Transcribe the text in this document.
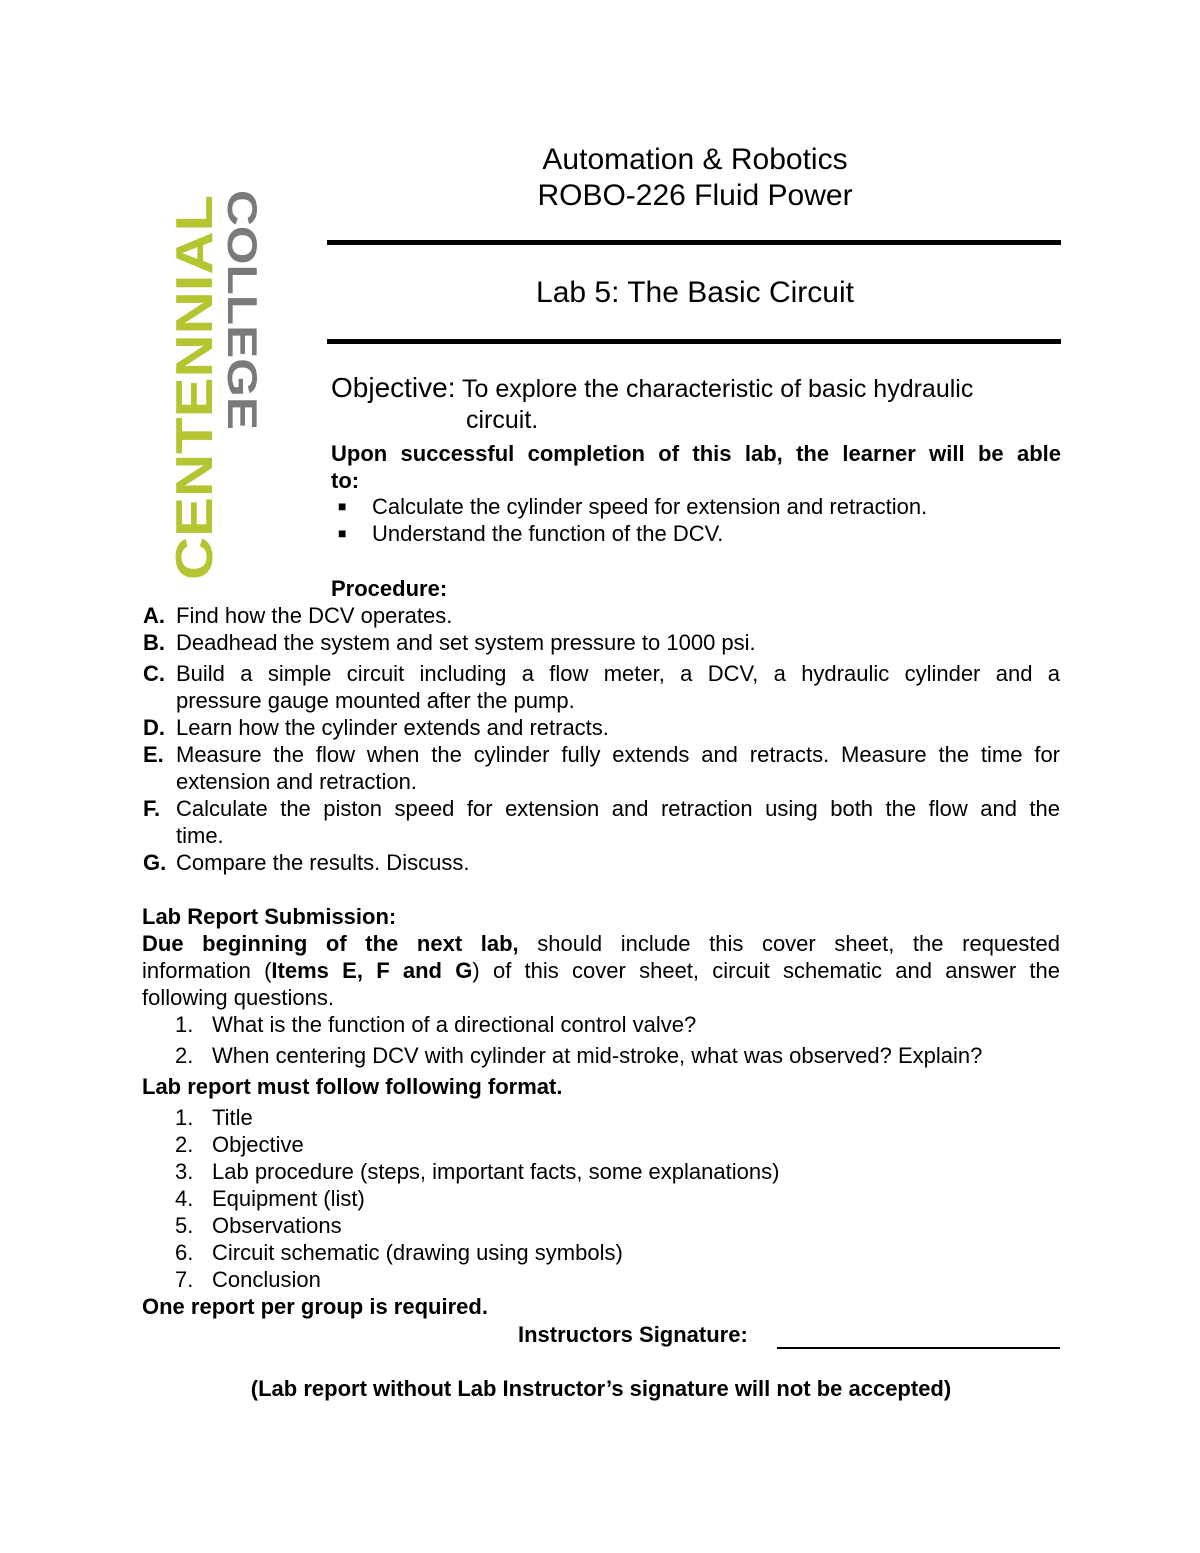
CENTENNIAL
COLLEGE
Automation & Robotics
ROBO-226 Fluid Power
Lab 5: The Basic Circuit
Objective: To explore the characteristic of basic hydraulic
circuit.
Upon successful completion of this lab, the learner will be able
to:
■ Calculate the cylinder speed for extension and retraction.
■ Understand the function of the DCV.
Procedure:
A. Find how the DCV operates.
B. Deadhead the system and set system pressure to 1000 psi.
C. Build a simple circuit including a flow meter, a DCV, a hydraulic cylinder and a
pressure gauge mounted after the pump.
D. Learn how the cylinder extends and retracts.
E. Measure the flow when the cylinder fully extends and retracts. Measure the time for
extension and retraction.
F. Calculate the piston speed for extension and retraction using both the flow and the
time.
G. Compare the results. Discuss.
Lab Report Submission:
Due beginning of the next lab, should include this cover sheet, the requested
information (Items E, F and G) of this cover sheet, circuit schematic and answer the
following questions.
1. What is the function of a directional control valve?
2. When centering DCV with cylinder at mid-stroke, what was observed? Explain?
Lab report must follow following format.
1. Title
2. Objective
3. Lab procedure (steps, important facts, some explanations)
4. Equipment (list)
5. Observations
6. Circuit schematic (drawing using symbols)
7. Conclusion
One report per group is required.
Instructors Signature:
(Lab report without Lab Instructor’s signature will not be accepted)
